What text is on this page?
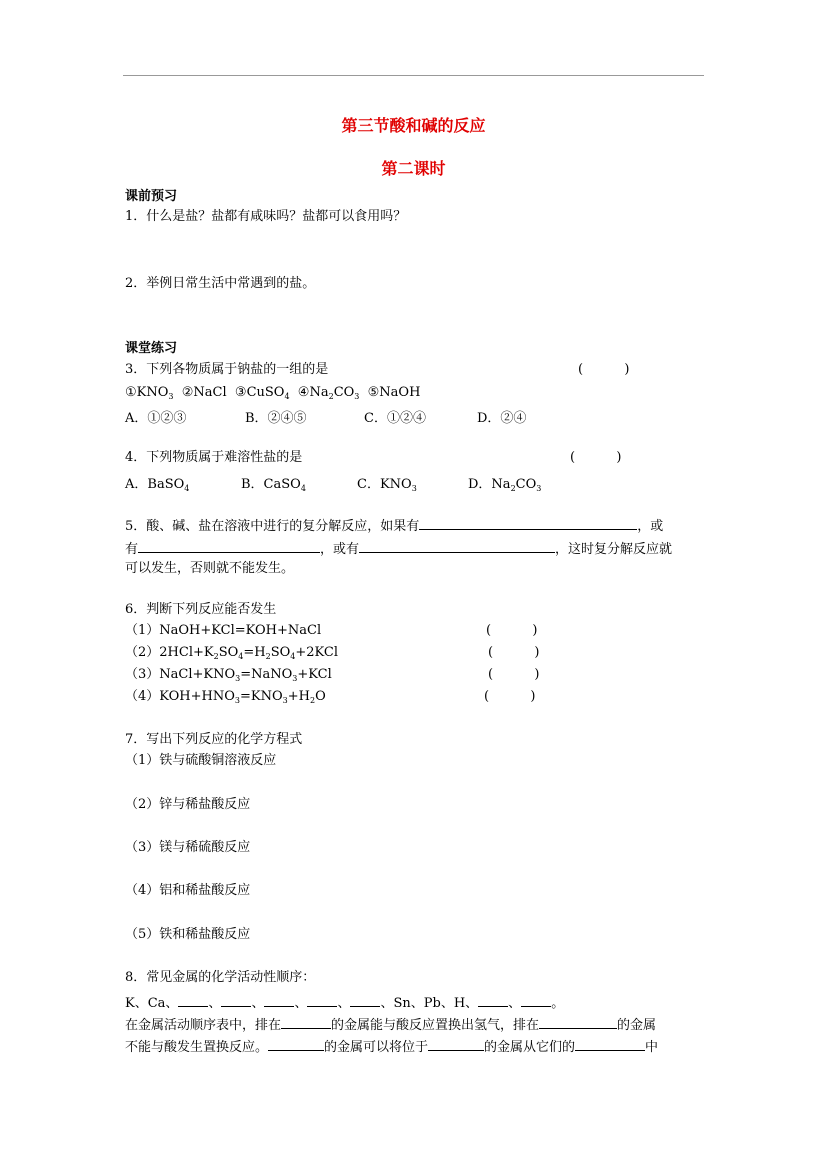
第三节酸和碱的反应
第二课时
课前预习
1．什么是盐？盐都有咸味吗？盐都可以食用吗？
2．举例日常生活中常遇到的盐。
课堂练习
3．下列各物质属于钠盐的一组的是	(          )
$①KNO_3$  ②NaCl  ③CuSO$_4$  $④Na_2CO_3$  ⑤NaOH
A．①②③	B．②④⑤	C．①②④	D．②④
4．下列物质属于难溶性盐的是	(          )
A．BaSO$_4$	B．CaSO$_4$	C．$KNO_3$	D．$Na_2CO_3$
5．酸、碱、盐在溶液中进行的复分解反应，如果有	，或
有	，或有	，这时复分解反应就
可以发生，否则就不能发生。
6．判断下列反应能否发生
（1）NaOH+KCl=KOH+NaCl	(          )
$(2)2HCl+K_2SO_4=H_2SO_4+2KCl$	(          )
$(3)NaCl+KNO_3=NaNO_3+KCl$	(          )
$(4)KOH+HNO_3=KNO_3+H_2O$	(          )
7．写出下列反应的化学方程式
（1）铁与硫酸铜溶液反应
（2）锌与稀盐酸反应
（3）镁与稀硫酸反应
（4）铝和稀盐酸反应
（5）铁和稀盐酸反应
8．常见金属的化学活动性顺序：
K、Ca、 、 、 、 、 、Sn、Pb、H、 、 。
在金属活动顺序表中，排在	的金属能与酸反应置换出氢气，排在	的金属
不能与酸发生置换反应。	的金属可以将位于	的金属从它们的	中
